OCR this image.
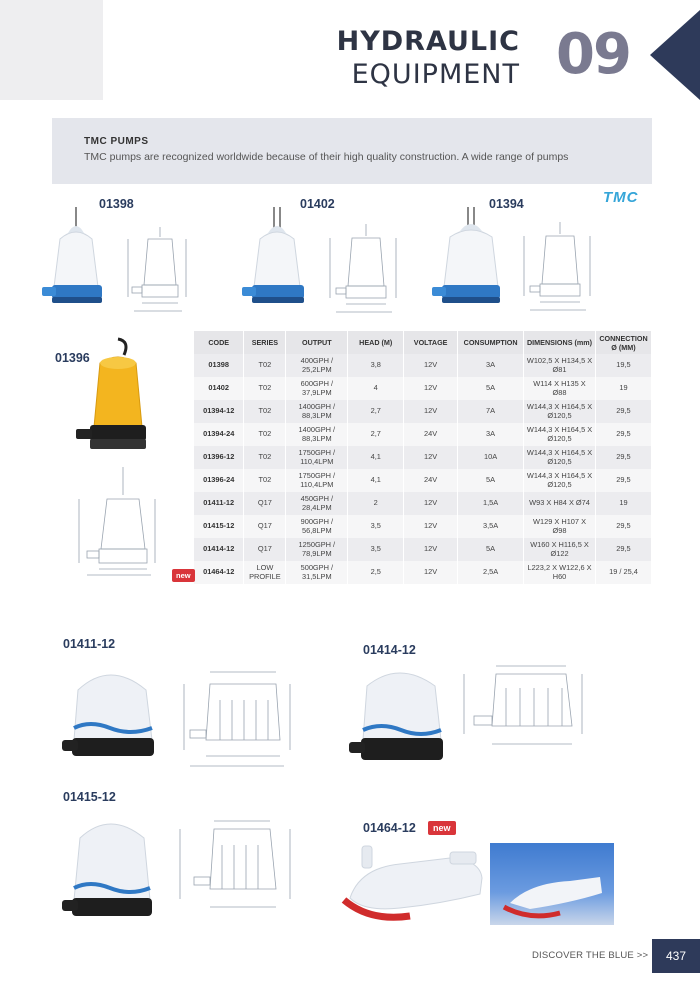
HYDRAULIC
EQUIPMENT 09
TMC PUMPS
TMC pumps are recognized worldwide because of their high quality construction. A wide range of pumps
TMC
01398	01402	01394
01396
CODE	SERIES	OUTPUT	HEAD (M)	VOLTAGE	CONSUMPTION	DIMENSIONS (mm)	CONNECTION Ø (MM)
01398	T02	400GPH / 25,2LPM	3,8	12V	3A	W102,5 X H134,5 X Ø81	19,5
01402	T02	600GPH / 37,9LPM	4	12V	5A	W114 X H135 X Ø88	19
01394-12	T02	1400GPH / 88,3LPM	2,7	12V	7A	W144,3 X H164,5 X Ø120,5	29,5
01394-24	T02	1400GPH / 88,3LPM	2,7	24V	3A	W144,3 X H164,5 X Ø120,5	29,5
01396-12	T02	1750GPH / 110,4LPM	4,1	12V	10A	W144,3 X H164,5 X Ø120,5	29,5
01396-24	T02	1750GPH / 110,4LPM	4,1	24V	5A	W144,3 X H164,5 X Ø120,5	29,5
01411-12	Q17	450GPH / 28,4LPM	2	12V	1,5A	W93 X H84 X Ø74	19
01415-12	Q17	900GPH / 56,8LPM	3,5	12V	3,5A	W129 X H107 X Ø98	29,5
01414-12	Q17	1250GPH / 78,9LPM	3,5	12V	5A	W160 X H116,5 X Ø122	29,5
01464-12	LOW PROFILE	500GPH / 31,5LPM	2,5	12V	2,5A	L223,2 X W122,6 X H60	19 / 25,4
new
01411-12	01414-12
01415-12
01464-12	new
DISCOVER THE BLUE >>	437
